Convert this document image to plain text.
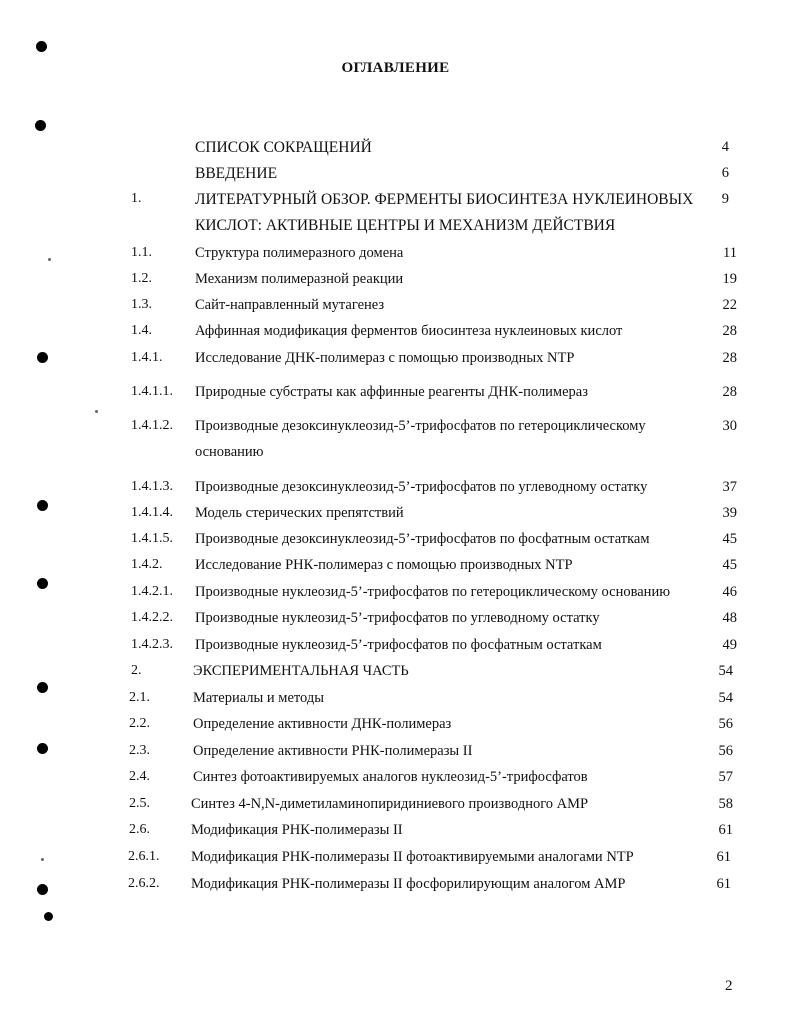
ОГЛАВЛЕНИЕ
СПИСОК СОКРАЩЕНИЙ	4
ВВЕДЕНИЕ	6
1.	ЛИТЕРАТУРНЫЙ ОБЗОР. ФЕРМЕНТЫ БИОСИНТЕЗА НУКЛЕИНОВЫХ	9
КИСЛОТ: АКТИВНЫЕ ЦЕНТРЫ И МЕХАНИЗМ ДЕЙСТВИЯ
1.1.	Структура полимеразного домена	11
1.2.	Механизм полимеразной реакции	19
1.3.	Сайт-направленный мутагенез	22
1.4.	Аффинная модификация ферментов биосинтеза нуклеиновых кислот	28
1.4.1. Исследование ДНК-полимераз с помощью производных NTP	28
1.4.1.1. Природные субстраты как аффинные реагенты ДНК-полимераз	28
1.4.1.2. Производные дезоксинуклеозид-5’-трифосфатов по гетероциклическому	30
основанию
1.4.1.3. Производные дезоксинуклеозид-5’-трифосфатов по углеводному остатку	37
1.4.1.4. Модель стерических препятствий	39
1.4.1.5. Производные дезоксинуклеозид-5’-трифосфатов по фосфатным остаткам	45
1.4.2. Исследование РНК-полимераз с помощью производных NTP	45
1.4.2.1. Производные нуклеозид-5’-трифосфатов по гетероциклическому основанию	46
1.4.2.2. Производные нуклеозид-5’-трифосфатов по углеводному остатку	48
1.4.2.3. Производные нуклеозид-5’-трифосфатов по фосфатным остаткам	49
2.	ЭКСПЕРИМЕНТАЛЬНАЯ ЧАСТЬ	54
2.1.	Материалы и методы	54
2.2.	Определение активности ДНК-полимераз	56
2.3.	Определение активности РНК-полимеразы II	56
2.4.	Синтез фотоактивируемых аналогов нуклеозид-5’-трифосфатов	57
2.5.	Синтез 4-N,N-диметиламинопиридиниевого производного AMP	58
2.6.	Модификация РНК-полимеразы II	61
2.6.1. Модификация РНК-полимеразы II фотоактивируемыми аналогами NTP	61
2.6.2. Модификация РНК-полимеразы II фосфорилирующим аналогом AMP	61
2
